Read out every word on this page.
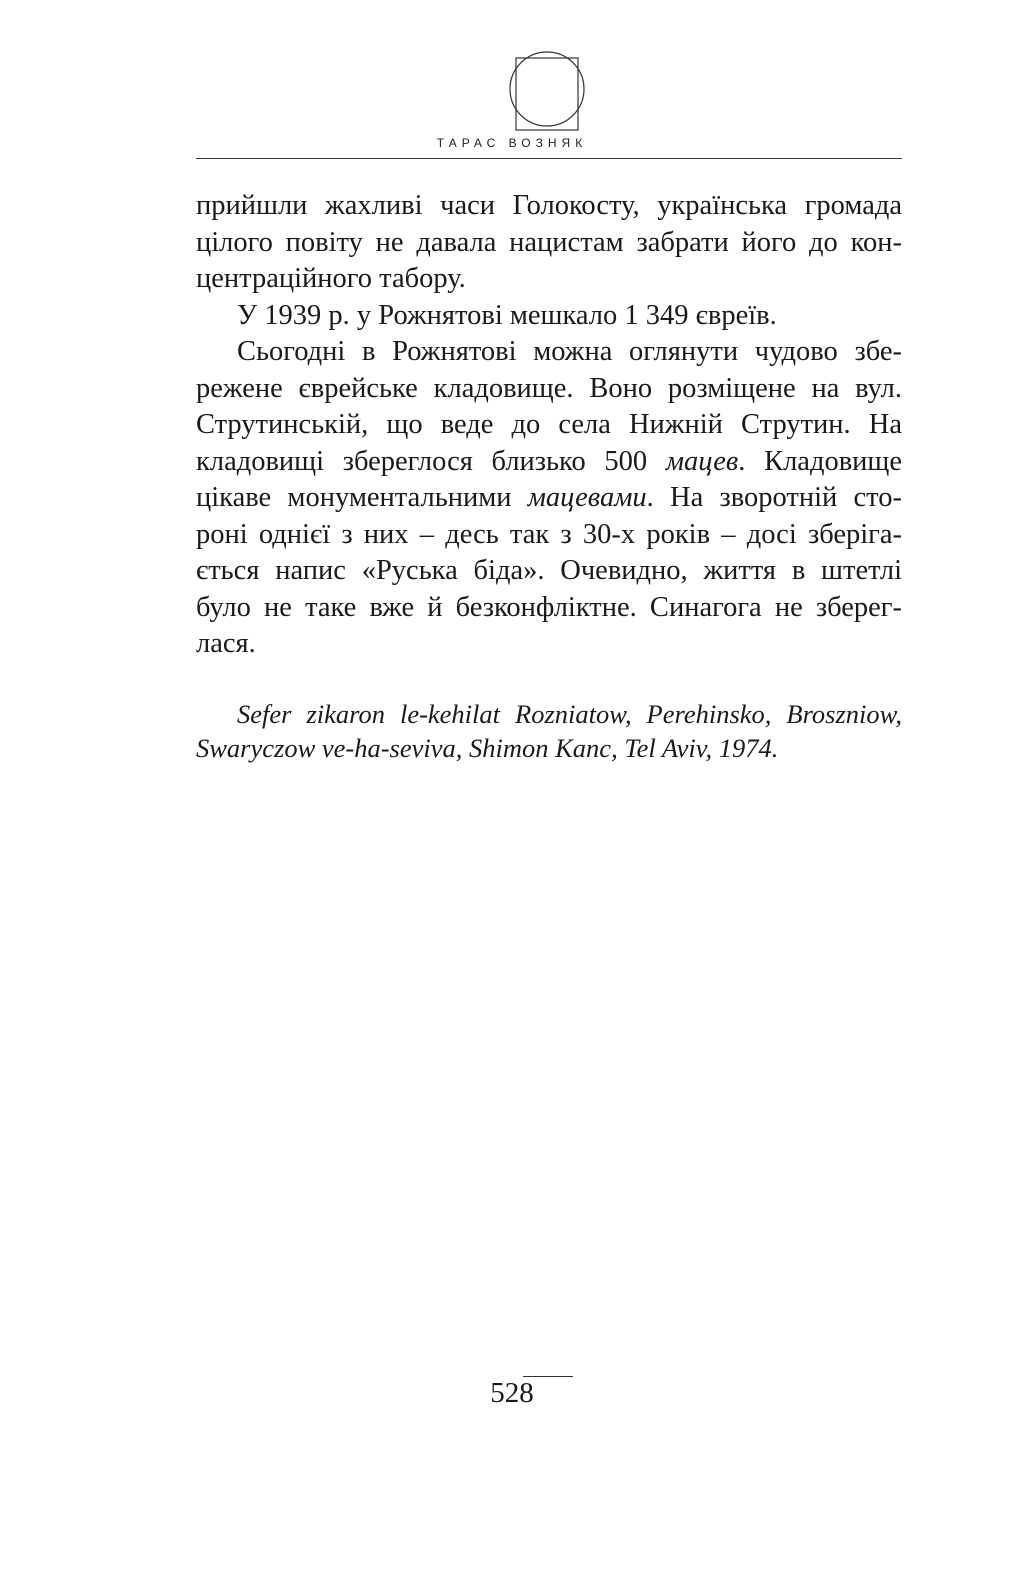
ТАРАС ВОЗНЯК
прийшли жахливі часи Голокосту, українська громада
цілого повіту не давала нацистам забрати його до кон-
центраційного табору.
У 1939 р. у Рожнятові мешкало 1 349 євреїв.
Сьогодні в Рожнятові можна оглянути чудово збе-
режене єврейське кладовище. Воно розміщене на вул.
Струтинській, що веде до села Нижній Струтин. На
кладовищі збереглося близько 500 мацев. Кладовище
цікаве монументальними мацевами. На зворотній сто-
роні однієї з них – десь так з 30-х років – досі зберіга-
ється напис «Руська біда». Очевидно, життя в штетлі
було не таке вже й безконфліктне. Синагога не зберег-
лася.
Sefer zikaron le-kehilat Rozniatow, Perehinsko, Broszniow,
Swaryczow ve-ha-seviva, Shimon Kanc, Tel Aviv, 1974.
528
